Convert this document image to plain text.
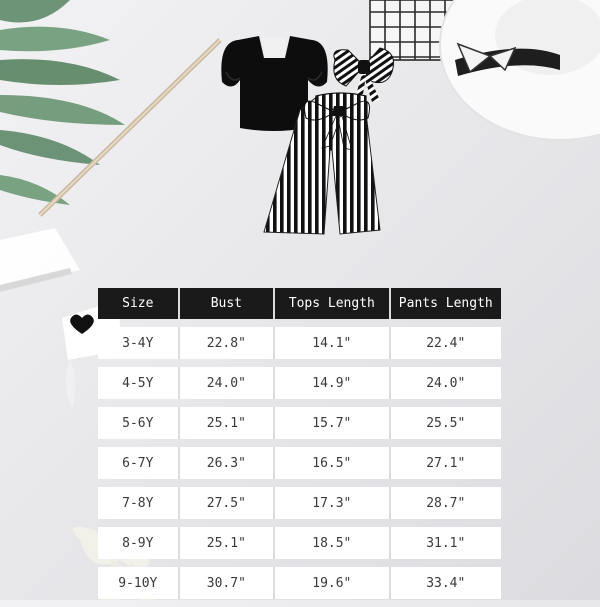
Size	Bust	Tops Length	Pants Length
3-4Y	22.8"	14.1"	22.4"
4-5Y	24.0"	14.9"	24.0"
5-6Y	25.1"	15.7"	25.5"
6-7Y	26.3"	16.5"	27.1"
7-8Y	27.5"	17.3"	28.7"
8-9Y	25.1"	18.5"	31.1"
9-10Y	30.7"	19.6"	33.4"
